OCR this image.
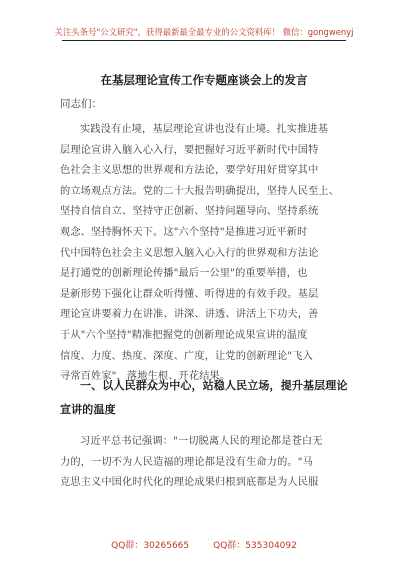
关注头条号"公文研究"，获得最新最全最专业的公文资料库！ 微信：gongwenyj
在基层理论宣传工作专题座谈会上的发言
同志们：
实践没有止境，基层理论宣讲也没有止境。扎实推进基
层理论宣讲入脑入心入行，要把握好习近平新时代中国特
色社会主义思想的世界观和方法论，要学好用好贯穿其中
的立场观点方法。党的二十大报告明确提出，坚持人民至上、
坚持自信自立、坚持守正创新、坚持问题导向、坚持系统
观念、坚持胸怀天下。这"六个坚持"是推进习近平新时
代中国特色社会主义思想入脑入心入行的世界观和方法论
是打通党的创新理论传播"最后一公里"的重要举措，也
是新形势下强化让群众听得懂、听得进的有效手段。基层
理论宣讲要着力在讲准、讲深、讲透、讲活上下功夫，善
于从"六个坚持"精准把握党的创新理论成果宣讲的温度
信度、力度、热度、深度、广度，让党的创新理论"飞入
寻常百姓家"，落地生根、开花结果。
一、以人民群众为中心，站稳人民立场，提升基层理论
宣讲的温度
习近平总书记强调："一切脱离人民的理论都是苍白无
力的，一切不为人民造福的理论都是没有生命力的。"马
克思主义中国化时代化的理论成果归根到底都是为人民服
QQ群：30265665	QQ群：535304092
